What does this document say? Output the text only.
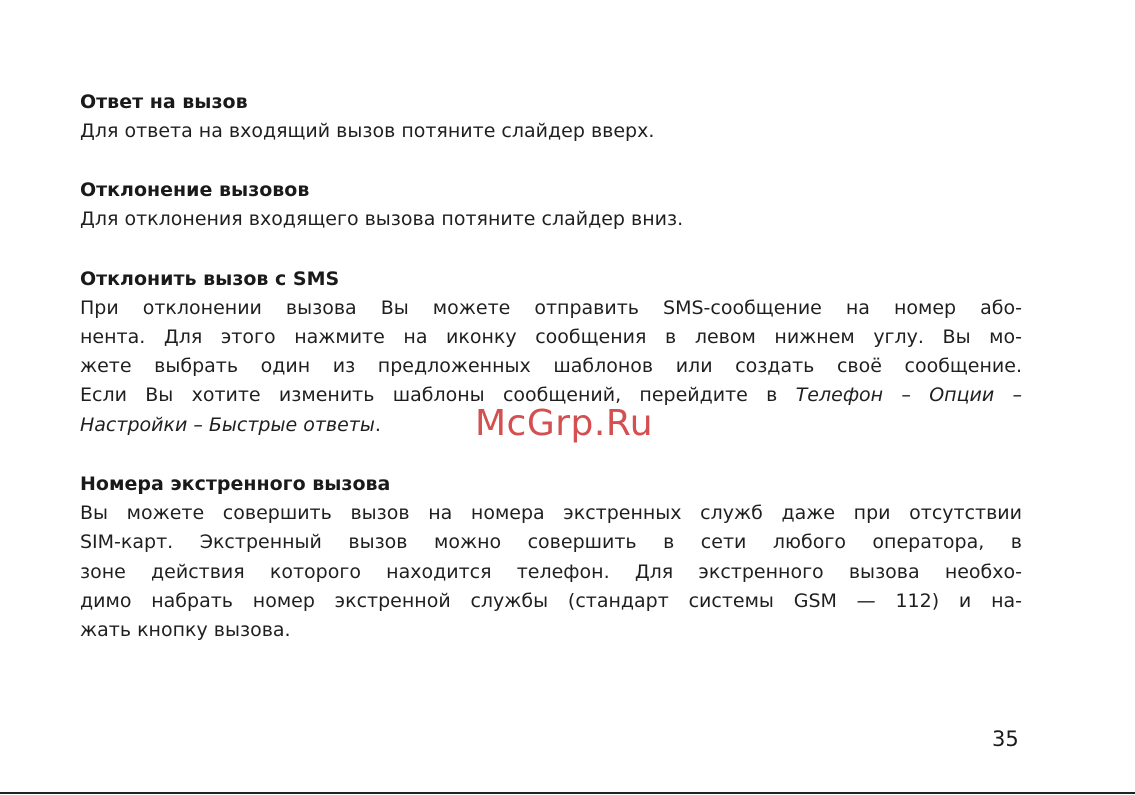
Ответ на вызов

Для ответа на входящий вызов потяните слайдер вверх.

Отклонение вызовов

Для отклонения входящего вызова потяните слайдер вниз.

Отклонить вызов с SMS

При отклонении вызова Вы можете отправить SMS-сообщение на номер або-
нента. Для этого нажмите на иконку сообщения в левом нижнем углу. Вы мо-
жете выбрать один из предложенных шаблонов или создать своё сообщение.
Если Вы хотите изменить шаблоны сообщений, перейдите в Телефон – Опции –
Настройки – Быстрые ответы.

Номера экстренного вызова

Вы можете совершить вызов на номера экстренных служб даже при отсутствии
SIM-карт. Экстренный вызов можно совершить в сети любого оператора, в
зоне действия которого находится телефон. Для экстренного вызова необхо-
димо набрать номер экстренной службы (стандарт системы GSM — 112) и на-
жать кнопку вызова.

McGrp.Ru
35
